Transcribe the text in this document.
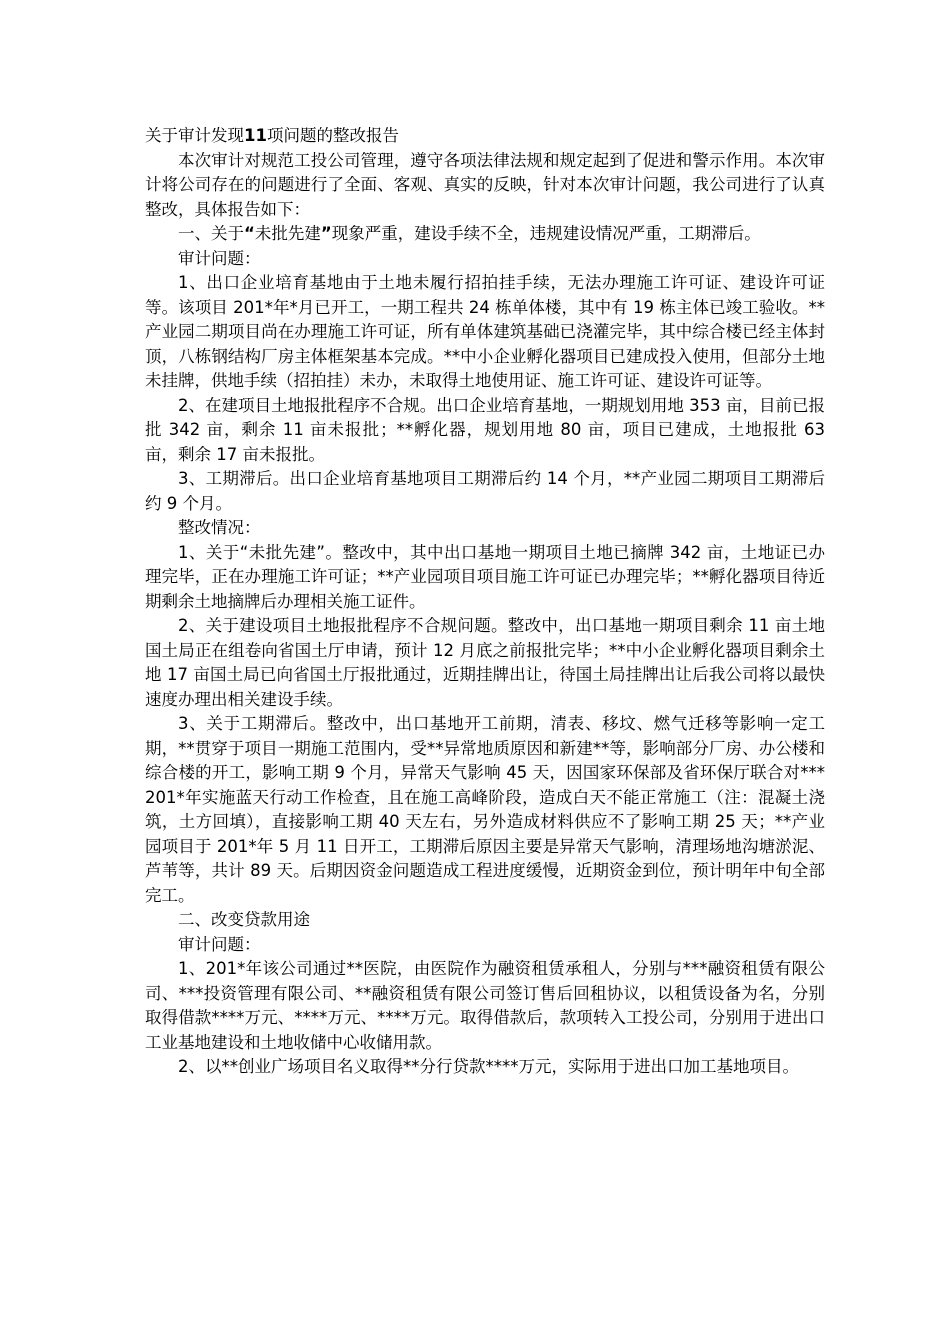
关于审计发现11项问题的整改报告

本次审计对规范工投公司管理，遵守各项法律法规和规定起到了促进和警示作用。本次审计将公司存在的问题进行了全面、客观、真实的反映，针对本次审计问题，我公司进行了认真整改，具体报告如下：

一、关于“未批先建”现象严重，建设手续不全，违规建设情况严重，工期滞后。

审计问题：

1、出口企业培育基地由于土地未履行招拍挂手续，无法办理施工许可证、建设许可证等。该项目 201*年*月已开工，一期工程共 24 栋单体楼，其中有 19 栋主体已竣工验收。**产业园二期项目尚在办理施工许可证，所有单体建筑基础已浇灌完毕，其中综合楼已经主体封顶，八栋钢结构厂房主体框架基本完成。**中小企业孵化器项目已建成投入使用，但部分土地未挂牌，供地手续（招拍挂）未办，未取得土地使用证、施工许可证、建设许可证等。

2、在建项目土地报批程序不合规。出口企业培育基地，一期规划用地 353 亩，目前已报批 342 亩，剩余 11 亩未报批；**孵化器，规划用地 80 亩，项目已建成，土地报批 63 亩，剩余 17 亩未报批。

3、工期滞后。出口企业培育基地项目工期滞后约 14 个月，**产业园二期项目工期滞后约 9 个月。

整改情况：

1、关于“未批先建”。整改中，其中出口基地一期项目土地已摘牌 342 亩，土地证已办理完毕，正在办理施工许可证；**产业园项目项目施工许可证已办理完毕；**孵化器项目待近期剩余土地摘牌后办理相关施工证件。

2、关于建设项目土地报批程序不合规问题。整改中，出口基地一期项目剩余 11 亩土地国土局正在组卷向省国土厅申请，预计 12 月底之前报批完毕；**中小企业孵化器项目剩余土地 17 亩国土局已向省国土厅报批通过，近期挂牌出让，待国土局挂牌出让后我公司将以最快速度办理出相关建设手续。

3、关于工期滞后。整改中，出口基地开工前期，清表、移坟、燃气迁移等影响一定工期，**贯穿于项目一期施工范围内，受**异常地质原因和新建**等，影响部分厂房、办公楼和综合楼的开工，影响工期 9 个月，异常天气影响 45 天，因国家环保部及省环保厅联合对***201*年实施蓝天行动工作检查，且在施工高峰阶段，造成白天不能正常施工（注：混凝土浇筑，土方回填），直接影响工期 40 天左右，另外造成材料供应不了影响工期 25 天；**产业园项目于 201*年 5 月 11 日开工，工期滞后原因主要是异常天气影响，清理场地沟塘淤泥、芦苇等，共计 89 天。后期因资金问题造成工程进度缓慢，近期资金到位，预计明年中旬全部完工。

二、改变贷款用途

审计问题：

1、201*年该公司通过**医院，由医院作为融资租赁承租人，分别与***融资租赁有限公司、***投资管理有限公司、**融资租赁有限公司签订售后回租协议，以租赁设备为名，分别取得借款****万元、****万元、****万元。取得借款后，款项转入工投公司，分别用于进出口工业基地建设和土地收储中心收储用款。

2、以**创业广场项目名义取得**分行贷款****万元，实际用于进出口加工基地项目。
